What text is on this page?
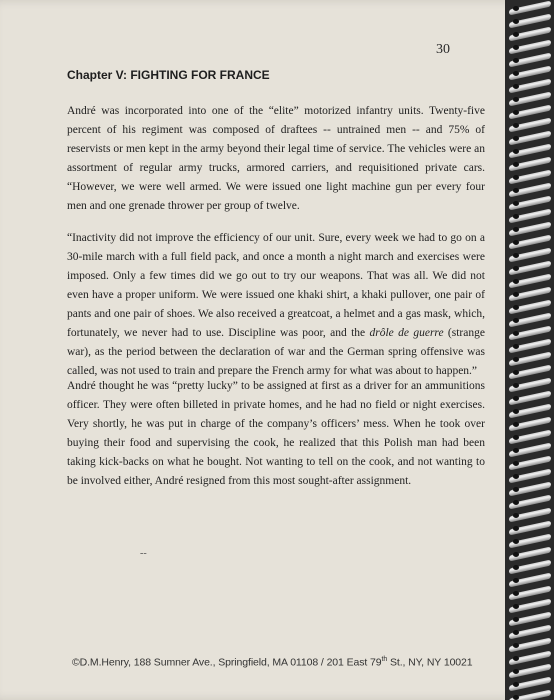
30
Chapter V: FIGHTING FOR FRANCE

André was incorporated into one of the “elite” motorized infantry units. Twenty-five percent of his regiment was composed of draftees -- untrained men -- and 75% of reservists or men kept in the army beyond their legal time of service. The vehicles were an assortment of regular army trucks, armored carriers, and requisitioned private cars. “However, we were well armed. We were issued one light machine gun per every four men and one grenade thrower per group of twelve.

“Inactivity did not improve the efficiency of our unit. Sure, every week we had to go on a 30-mile march with a full field pack, and once a month a night march and exercises were imposed. Only a few times did we go out to try our weapons. That was all. We did not even have a proper uniform. We were issued one khaki shirt, a khaki pullover, one pair of pants and one pair of shoes. We also received a greatcoat, a helmet and a gas mask, which, fortunately, we never had to use. Discipline was poor, and the drôle de guerre (strange war), as the period between the declaration of war and the German spring offensive was called, was not used to train and prepare the French army for what was about to happen.”

André thought he was “pretty lucky” to be assigned at first as a driver for an ammunitions officer. They were often billeted in private homes, and he had no field or night exercises. Very shortly, he was put in charge of the company’s officers’ mess. When he took over buying their food and supervising the cook, he realized that this Polish man had been taking kick-backs on what he bought. Not wanting to tell on the cook, and not wanting to be involved either, André resigned from this most sought-after assignment.

--
©D.M.Henry, 188 Sumner Ave., Springfield, MA 01108 / 201 East 79th St., NY, NY 10021
